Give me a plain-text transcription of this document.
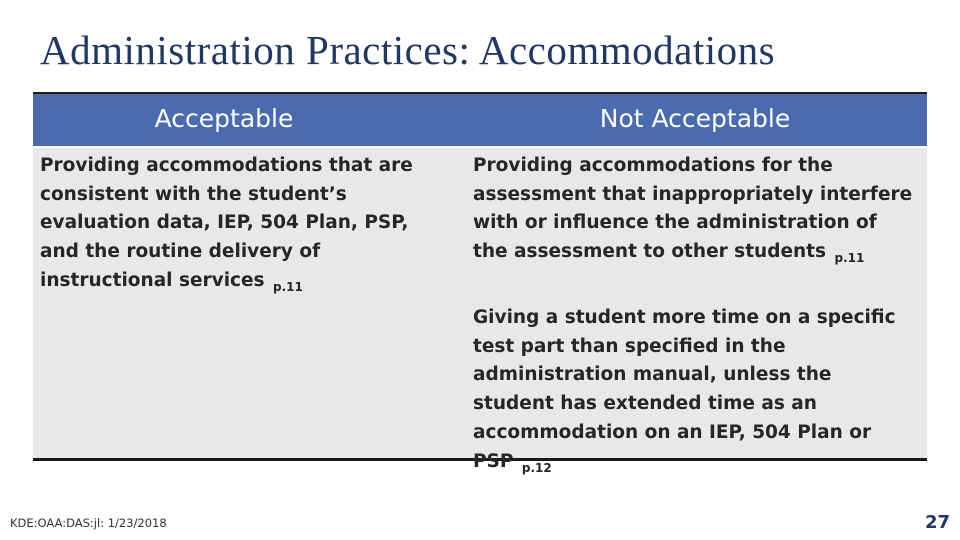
Administration Practices: Accommodations
Acceptable	Not Acceptable
Providing accommodations that are consistent with the student’s evaluation data, IEP, 504 Plan, PSP, and the routine delivery of instructional services $_{p.11}$
Providing accommodations for the assessment that inappropriately interfere with or influence the administration of the assessment to other students $_{p.11}$
Giving a student more time on a specific test part than specified in the administration manual, unless the student has extended time as an accommodation on an IEP, 504 Plan or PSP $_{p.12}$
KDE:OAA:DAS:jl: 1/23/2018	27
